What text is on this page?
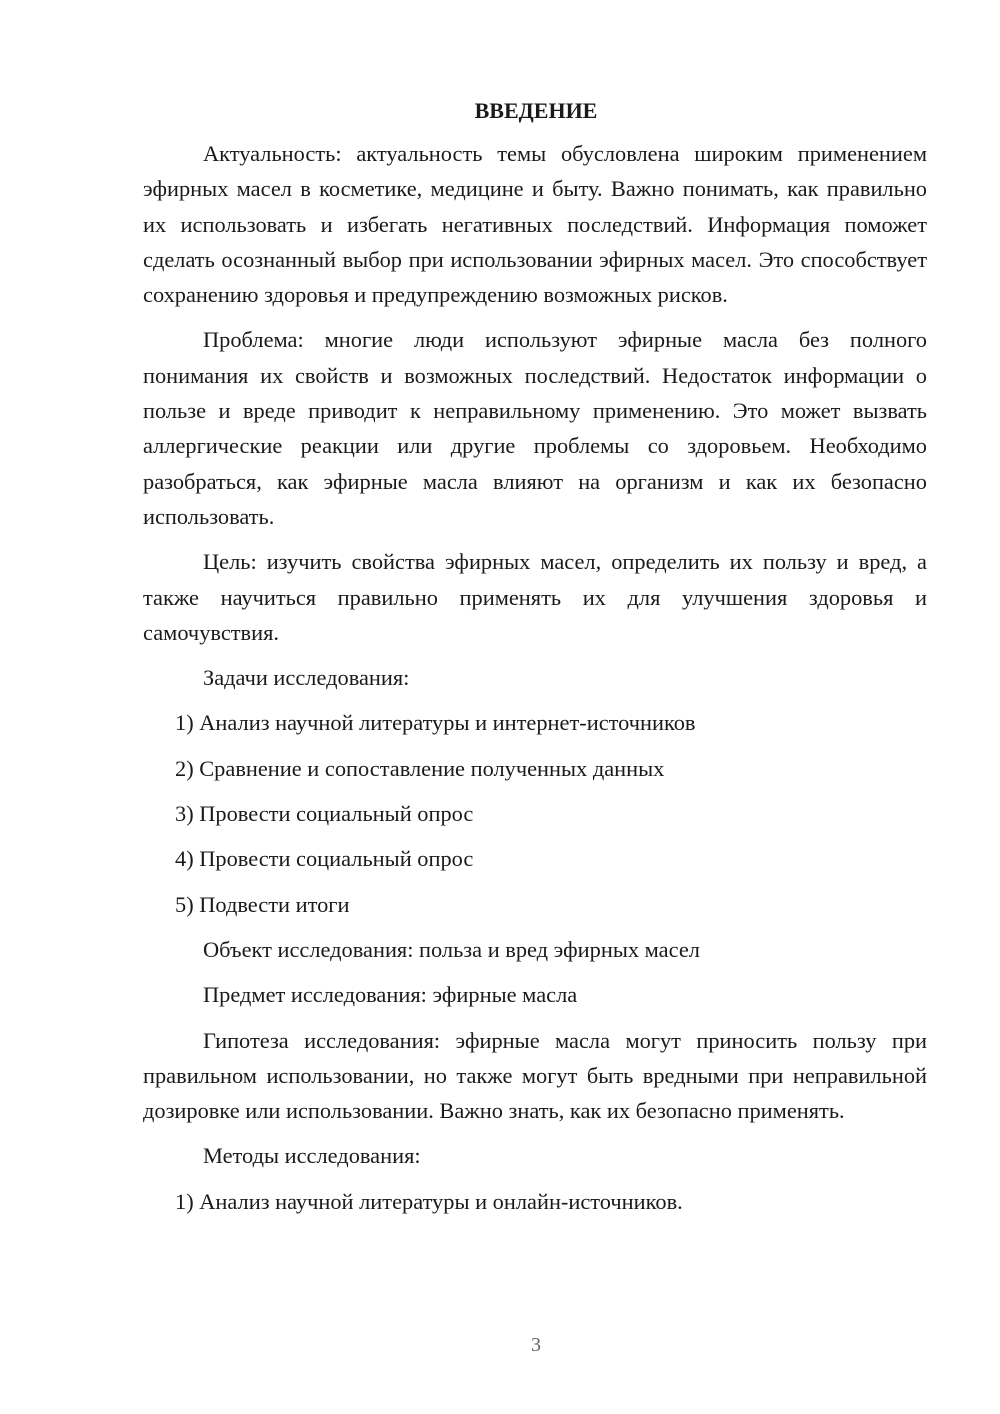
ВВЕДЕНИЕ

Актуальность: актуальность темы обусловлена широким применением эфирных масел в косметике, медицине и быту. Важно понимать, как правильно их использовать и избегать негативных последствий. Информация поможет сделать осознанный выбор при использовании эфирных масел. Это способствует сохранению здоровья и предупреждению возможных рисков.

Проблема: многие люди используют эфирные масла без полного понимания их свойств и возможных последствий. Недостаток информации о пользе и вреде приводит к неправильному применению. Это может вызвать аллергические реакции или другие проблемы со здоровьем. Необходимо разобраться, как эфирные масла влияют на организм и как их безопасно использовать.

Цель: изучить свойства эфирных масел, определить их пользу и вред, а также научиться правильно применять их для улучшения здоровья и самочувствия.

Задачи исследования:

1) Анализ научной литературы и интернет-источников

2) Сравнение и сопоставление полученных данных

3) Провести социальный опрос

4) Провести социальный опрос

5) Подвести итоги

Объект исследования: польза и вред эфирных масел

Предмет исследования: эфирные масла

Гипотеза исследования: эфирные масла могут приносить пользу при правильном использовании, но также могут быть вредными при неправильной дозировке или использовании. Важно знать, как их безопасно применять.

Методы исследования:

1) Анализ научной литературы и онлайн-источников.

3
